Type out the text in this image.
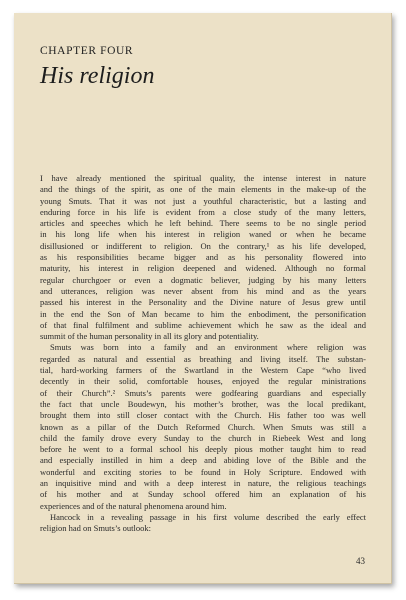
CHAPTER FOUR
His religion
I have already mentioned the spiritual quality, the intense interest in nature
and the things of the spirit, as one of the main elements in the make-up of the
young Smuts. That it was not just a youthful characteristic, but a lasting and
enduring force in his life is evident from a close study of the many letters,
articles and speeches which he left behind. There seems to be no single period
in his long life when his interest in religion waned or when he became
disillusioned or indifferent to religion. On the contrary,¹ as his life developed,
as his responsibilities became bigger and as his personality flowered into
maturity, his interest in religion deepened and widened. Although no formal
regular churchgoer or even a dogmatic believer, judging by his many letters
and utterances, religion was never absent from his mind and as the years
passed his interest in the Personality and the Divine nature of Jesus grew until
in the end the Son of Man became to him the enbodiment, the personification
of that final fulfilment and sublime achievement which he saw as the ideal and
summit of the human personality in all its glory and potentiality.
Smuts was born into a family and an environment where religion was
regarded as natural and essential as breathing and living itself. The substan-
tial, hard-working farmers of the Swartland in the Western Cape “who lived
decently in their solid, comfortable houses, enjoyed the regular ministrations
of their Church”.² Smuts’s parents were godfearing guardians and especially
the fact that uncle Boudewyn, his mother’s brother, was the local predikant,
brought them into still closer contact with the Church. His father too was well
known as a pillar of the Dutch Reformed Church. When Smuts was still a
child the family drove every Sunday to the church in Riebeek West and long
before he went to a formal school his deeply pious mother taught him to read
and especially instilled in him a deep and abiding love of the Bible and the
wonderful and exciting stories to be found in Holy Scripture. Endowed with
an inquisitive mind and with a deep interest in nature, the religious teachings
of his mother and at Sunday school offered him an explanation of his
experiences and of the natural phenomena around him.
Hancock in a revealing passage in his first volume described the early effect
religion had on Smuts’s outlook:
43
